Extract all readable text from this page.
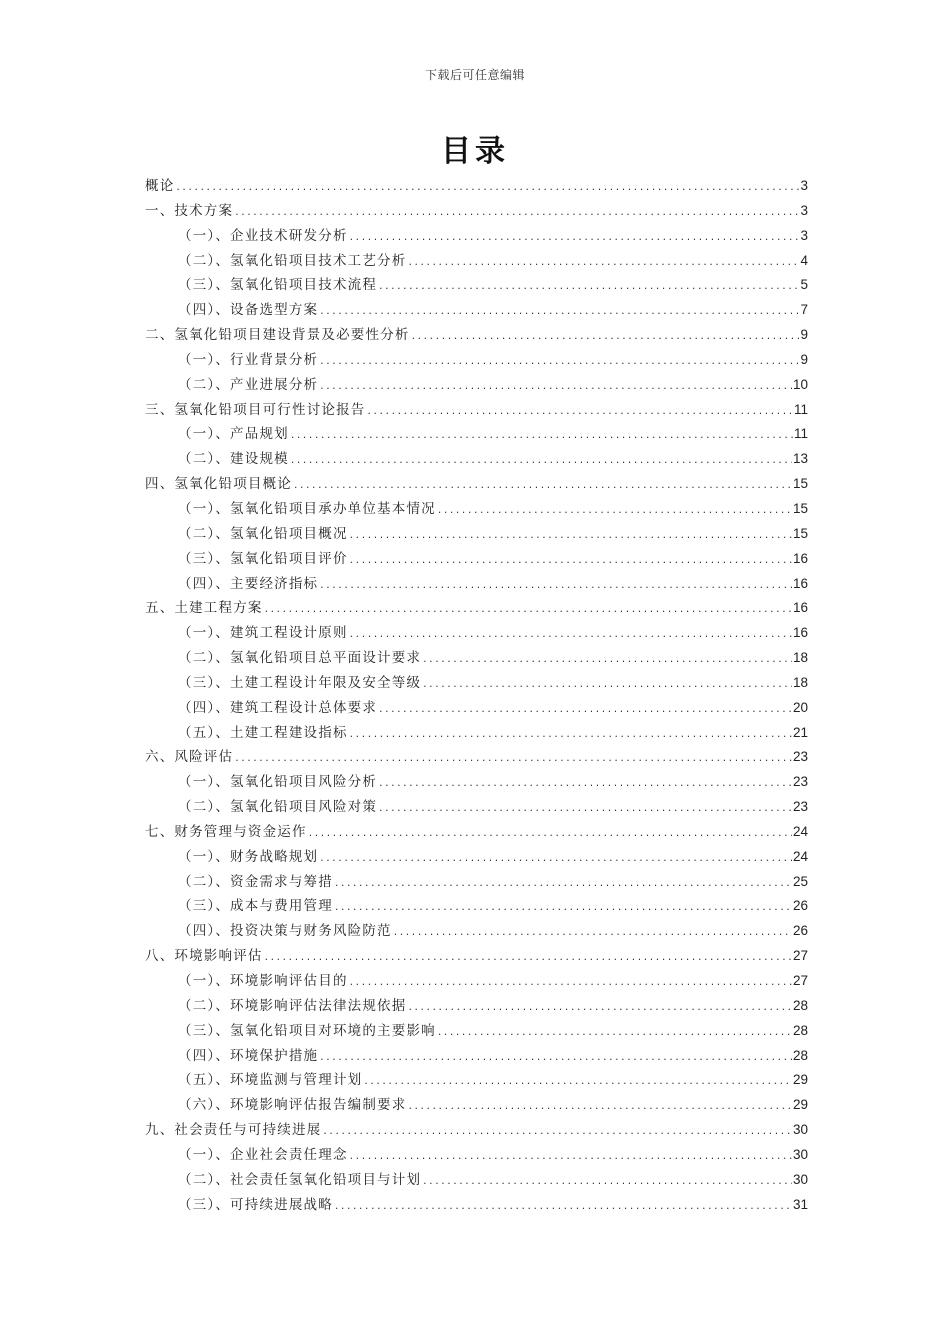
下载后可任意编辑
目录
概论 .....	3
一、技术方案 .....	3
（一）、企业技术研发分析 .....	3
（二）、氢氧化铅项目技术工艺分析 .....	4
（三）、氢氧化铅项目技术流程 .....	5
（四）、设备选型方案 .....	7
二、氢氧化铅项目建设背景及必要性分析 .....	9
（一）、行业背景分析 .....	9
（二）、产业进展分析 .....	10
三、氢氧化铅项目可行性讨论报告 .....	11
（一）、产品规划 .....	11
（二）、建设规模 .....	13
四、氢氧化铅项目概论 .....	15
（一）、氢氧化铅项目承办单位基本情况 .....	15
（二）、氢氧化铅项目概况 .....	15
（三）、氢氧化铅项目评价 .....	16
（四）、主要经济指标 .....	16
五、土建工程方案 .....	16
（一）、建筑工程设计原则 .....	16
（二）、氢氧化铅项目总平面设计要求 .....	18
（三）、土建工程设计年限及安全等级 .....	18
（四）、建筑工程设计总体要求 .....	20
（五）、土建工程建设指标 .....	21
六、风险评估 .....	23
（一）、氢氧化铅项目风险分析 .....	23
（二）、氢氧化铅项目风险对策 .....	23
七、财务管理与资金运作 .....	24
（一）、财务战略规划 .....	24
（二）、资金需求与筹措 .....	25
（三）、成本与费用管理 .....	26
（四）、投资决策与财务风险防范 .....	26
八、环境影响评估 .....	27
（一）、环境影响评估目的 .....	27
（二）、环境影响评估法律法规依据 .....	28
（三）、氢氧化铅项目对环境的主要影响 .....	28
（四）、环境保护措施 .....	28
（五）、环境监测与管理计划 .....	29
（六）、环境影响评估报告编制要求 .....	29
九、社会责任与可持续进展 .....	30
（一）、企业社会责任理念 .....	30
（二）、社会责任氢氧化铅项目与计划 .....	30
（三）、可持续进展战略 .....	31
